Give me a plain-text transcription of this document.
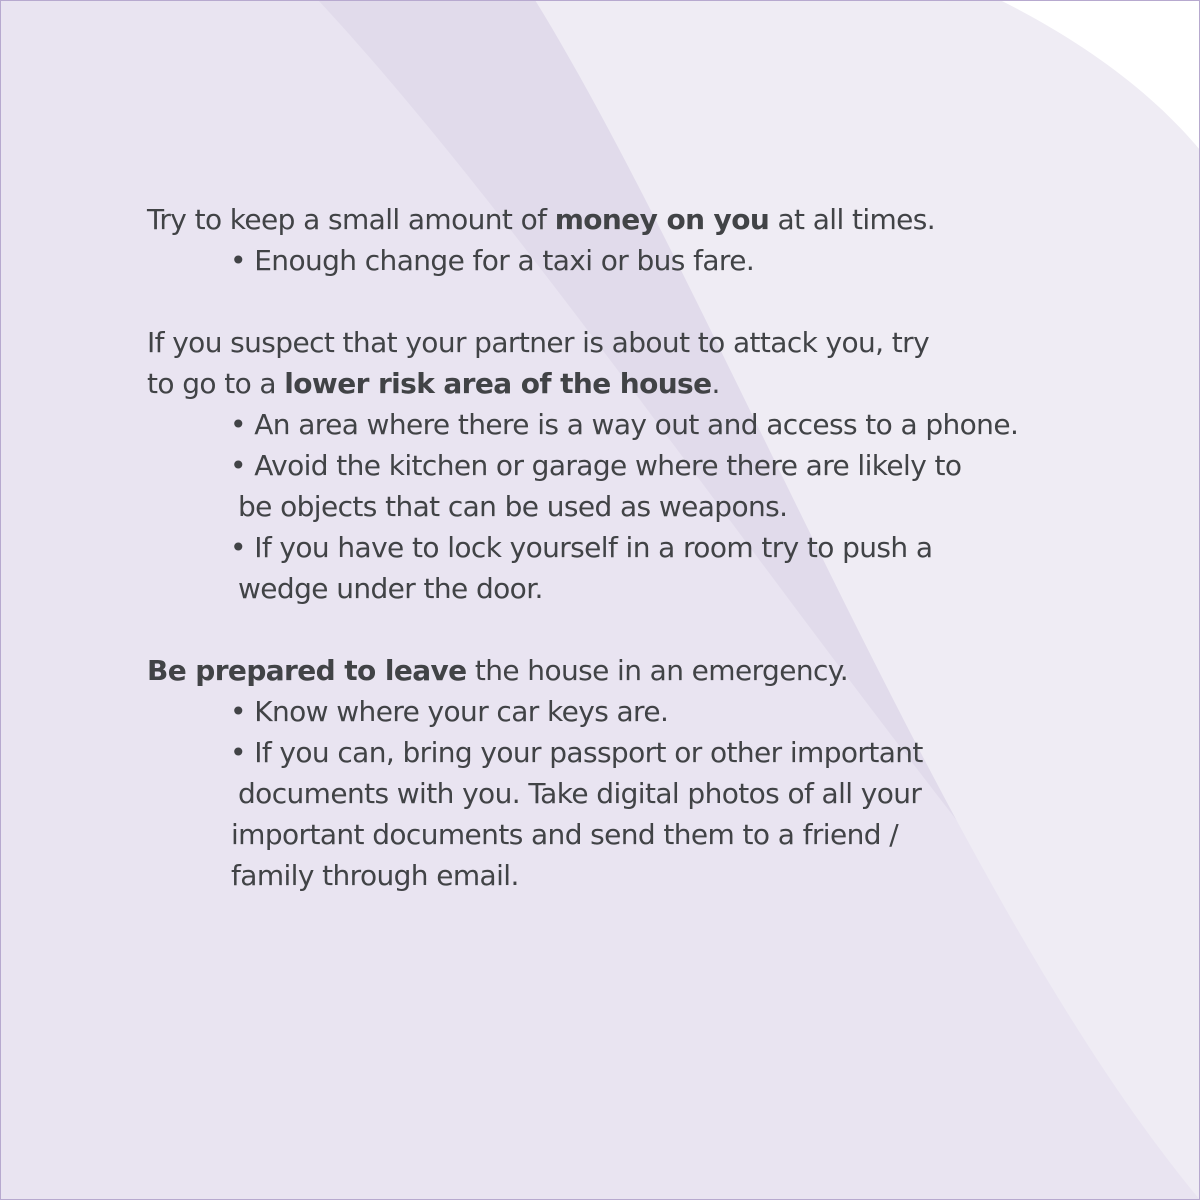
Try to keep a small amount of money on you at all times.

• Enough change for a taxi or bus fare.

If you suspect that your partner is about to attack you, try

to go to a lower risk area of the house.

• An area where there is a way out and access to a phone.

• Avoid the kitchen or garage where there are likely to

be objects that can be used as weapons.

• If you have to lock yourself in a room try to push a

wedge under the door.

Be prepared to leave the house in an emergency.

• Know where your car keys are.

• If you can, bring your passport or other important

documents with you. Take digital photos of all your

important documents and send them to a friend /

family through email.
